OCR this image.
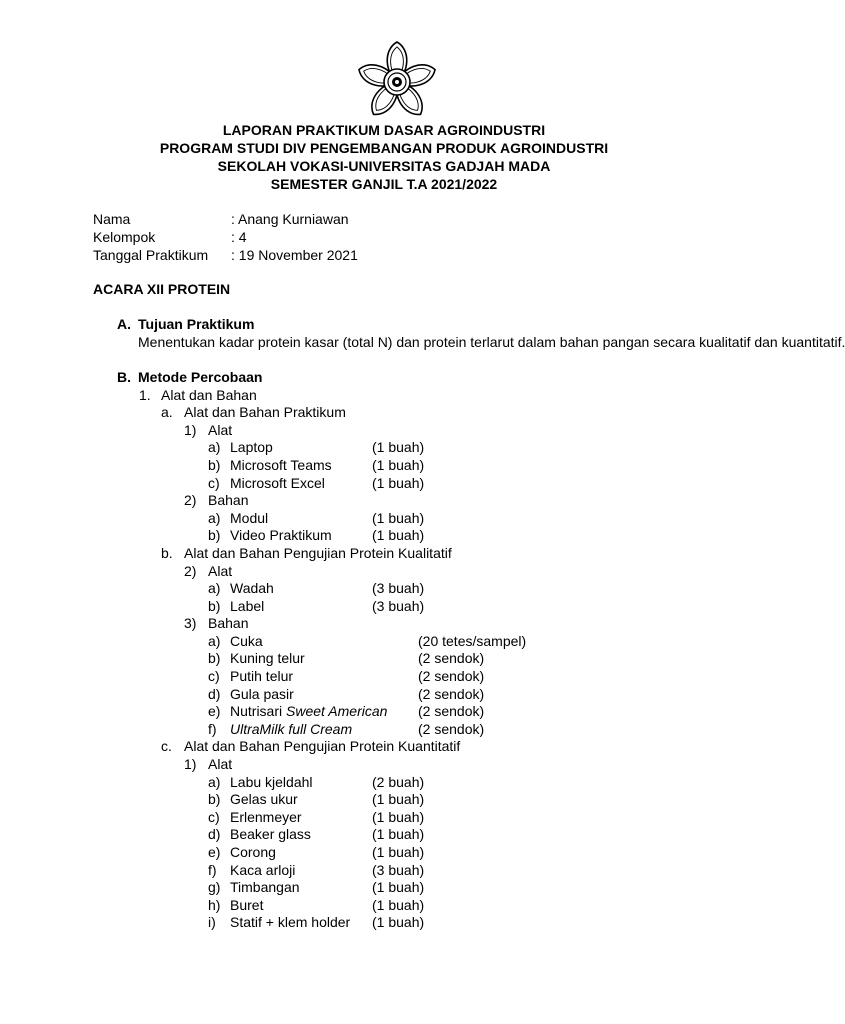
LAPORAN PRAKTIKUM DASAR AGROINDUSTRI
PROGRAM STUDI DIV PENGEMBANGAN PRODUK AGROINDUSTRI
SEKOLAH VOKASI-UNIVERSITAS GADJAH MADA
SEMESTER GANJIL T.A 2021/2022
Nama	: Anang Kurniawan
Kelompok	: 4
Tanggal Praktikum : 19 November 2021
ACARA XII PROTEIN
A. Tujuan Praktikum
Menentukan kadar protein kasar (total N) dan protein terlarut dalam bahan pangan secara kualitatif dan kuantitatif.
B. Metode Percobaan
1. Alat dan Bahan
a. Alat dan Bahan Praktikum
1) Alat
a) Laptop	(1 buah)
b) Microsoft Teams	(1 buah)
c) Microsoft Excel	(1 buah)
2) Bahan
a) Modul	(1 buah)
b) Video Praktikum	(1 buah)
b. Alat dan Bahan Pengujian Protein Kualitatif
2) Alat
a) Wadah	(3 buah)
b) Label	(3 buah)
3) Bahan
a) Cuka	(20 tetes/sampel)
b) Kuning telur	(2 sendok)
c) Putih telur	(2 sendok)
d) Gula pasir	(2 sendok)
e) Nutrisari Sweet American (2 sendok)
f) UltraMilk full Cream	(2 sendok)
c. Alat dan Bahan Pengujian Protein Kuantitatif
1) Alat
a) Labu kjeldahl	(2 buah)
b) Gelas ukur	(1 buah)
c) Erlenmeyer	(1 buah)
d) Beaker glass	(1 buah)
e) Corong	(1 buah)
f) Kaca arloji	(3 buah)
g) Timbangan	(1 buah)
h) Buret	(1 buah)
i) Statif + klem holder (1 buah)
